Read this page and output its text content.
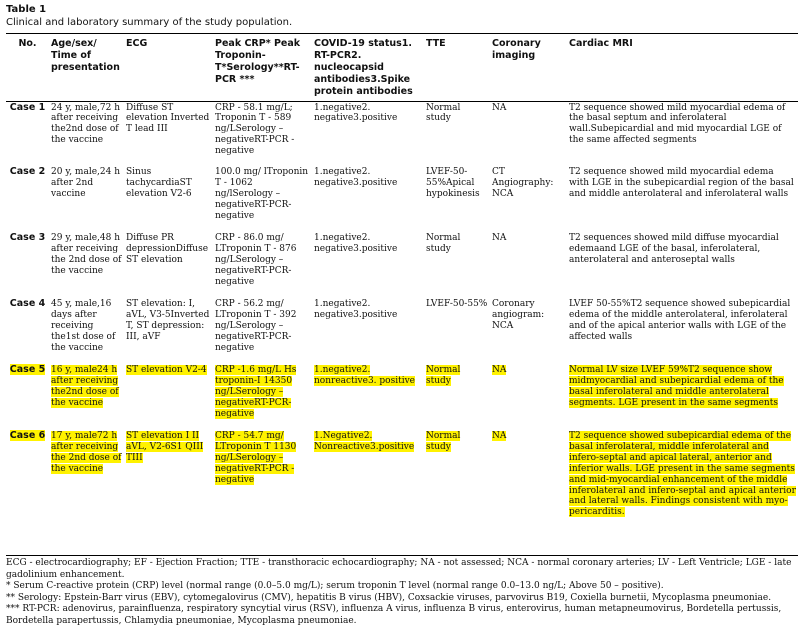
Table 1
Clinical and laboratory summary of the study population.
No.	Age/sex/ Time of presentation	ECG	Peak CRP* Peak Troponin-T*Serology**RT-PCR ***	COVID-19 status1. RT-PCR2. nucleocapsid antibodies3.Spike protein antibodies	TTE	Coronary imaging	Cardiac MRI
Case 1	24 y, male,72 h after receiving the2nd dose of the vaccine	Diffuse ST elevation Inverted T lead III	CRP - 58.1 mg/L; Troponin T - 589 ng/LSerology – negativeRT-PCR - negative	1.negative2. negative3.positive	Normal study	NA	T2 sequence showed mild myocardial edema of the basal septum and inferolateral wall.Subepicardial and mid myocardial LGE of the same affected segments
Case 2	20 y, male,24 h after 2nd vaccine	Sinus tachycardiaST elevation V2-6	100.0 mg/ lTroponin T - 1062 ng/lSerology – negativeRT-PCR-negative	1.negative2. negative3.positive	LVEF-50-55%Apical hypokinesis	CT Angiography: NCA	T2 sequence showed mild myocardial edema with LGE in the subepicardial region of the basal and middle anterolateral and inferolateral walls
Case 3	29 y, male,48 h after receiving the 2nd dose of the vaccine	Diffuse PR depressionDiffuse ST elevation	CRP - 86.0 mg/ LTroponin T - 876 ng/LSerology – negativeRT-PCR- negative	1.negative2. negative3.positive	Normal study	NA	T2 sequences showed mild diffuse myocardial edemaand LGE of the basal, inferolateral, anterolateral and anteroseptal walls
Case 4	45 y, male,16 days after receiving the1st dose of the vaccine	ST elevation: I, aVL, V3-5Inverted T, ST depression: III, aVF	CRP - 56.2 mg/ LTroponin T - 392 ng/LSerology – negativeRT-PCR-negative	1.negative2. negative3.positive	LVEF-50-55%	Coronary angiogram: NCA	LVEF 50-55%T2 sequence showed subepicardial edema of the middle anterolateral, inferolateral and of the apical anterior walls with LGE of the affected walls
Case 5	16 y, male24 h after receiving the2nd dose of the vaccine	ST elevation V2-4	CRP -1.6 mg/L Hs troponin-I 14350 ng/LSerology – negativeRT-PCR-negative	1.negative2. nonreactive3. positive	Normal study	NA	Normal LV size LVEF 59%T2 sequence show midmyocardial and subepicardial edema of the basal inferolateral and middle anterolateral segments. LGE present in the same segments
Case 6	17 y, male72 h after receiving the 2nd dose of the vaccine	ST elevation I II aVL, V2-6S1 QIII TIII	CRP - 54.7 mg/ LTroponin T 1130 ng/LSerology – negativeRT-PCR - negative	1.Negative2. Nonreactive3.positive	Normal study	NA	T2 sequence showed subepicardial edema of the basal inferolateral, middle inferolateral and infero-septal and apical lateral, anterior and inferior walls. LGE present in the same segments and mid-myocardial enhancement of the middle inferolateral and infero-septal and apical anterior and lateral walls. Findings consistent with myo-pericarditis.
ECG - electrocardiography; EF - Ejection Fraction; TTE - transthoracic echocardiography; NA - not assessed; NCA - normal coronary arteries; LV - Left Ventricle; LGE - late gadolinium enhancement.
* Serum C-reactive protein (CRP) level (normal range (0.0–5.0 mg/L); serum troponin T level (normal range 0.0–13.0 ng/L; Above 50 – positive).
** Serology: Epstein-Barr virus (EBV), cytomegalovirus (CMV), hepatitis B virus (HBV), Coxsackie viruses, parvovirus B19, Coxiella burnetii, Mycoplasma pneumoniae.
*** RT-PCR: adenovirus, parainfluenza, respiratory syncytial virus (RSV), influenza A virus, influenza B virus, enterovirus, human metapneumovirus, Bordetella pertussis, Bordetella parapertussis, Chlamydia pneumoniae, Mycoplasma pneumoniae.
